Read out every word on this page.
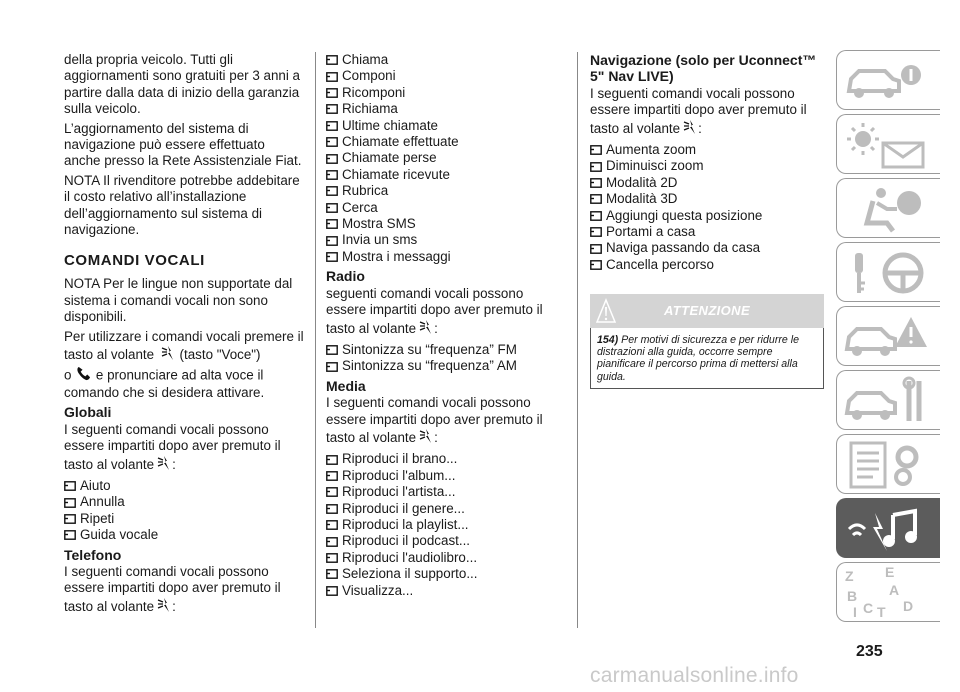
della propria veicolo. Tutti gli aggiornamenti sono gratuiti per 3 anni a partire dalla data di inizio della garanzia sulla veicolo.

L’aggiornamento del sistema di navigazione può essere effettuato anche presso la Rete Assistenziale Fiat.

NOTA Il rivenditore potrebbe addebitare il costo relativo all’installazione dell’aggiornamento sul sistema di navigazione.

COMANDI VOCALI

NOTA Per le lingue non supportate dal sistema i comandi vocali non sono disponibili.

Per utilizzare i comandi vocali premere il tasto al volante (tasto "Voce")
o e pronunciare ad alta voce il comando che si desidera attivare.

Globali

I seguenti comandi vocali possono essere impartiti dopo aver premuto il tasto al volante :

Aiuto
Annulla
Ripeti
Guida vocale
Telefono

I seguenti comandi vocali possono essere impartiti dopo aver premuto il tasto al volante :

Chiama
Componi
Ricomponi
Richiama
Ultime chiamate
Chiamate effettuate
Chiamate perse
Chiamate ricevute
Rubrica
Cerca
Mostra SMS
Invia un sms
Mostra i messaggi
Radio

seguenti comandi vocali possono essere impartiti dopo aver premuto il tasto al volante :

Sintonizza su “frequenza” FM
Sintonizza su “frequenza” AM
Media

I seguenti comandi vocali possono essere impartiti dopo aver premuto il tasto al volante :

Riproduci il brano...
Riproduci l'album...
Riproduci l'artista...
Riproduci il genere...
Riproduci la playlist...
Riproduci il podcast...
Riproduci l'audiolibro...
Seleziona il supporto...
Visualizza...
Navigazione (solo per Uconnect™ 5" Nav LIVE)

I seguenti comandi vocali possono essere impartiti dopo aver premuto il tasto al volante :

Aumenta zoom
Diminuisci zoom
Modalità 2D
Modalità 3D
Aggiungi questa posizione
Portami a casa
Naviga passando da casa
Cancella percorso
ATTENZIONE
154) Per motivi di sicurezza e per ridurre le distrazioni alla guida, occorre sempre pianificare il percorso prima di mettersi alla guida.
Z E
A
B
C T D
I
235
carmanualsonline.info
